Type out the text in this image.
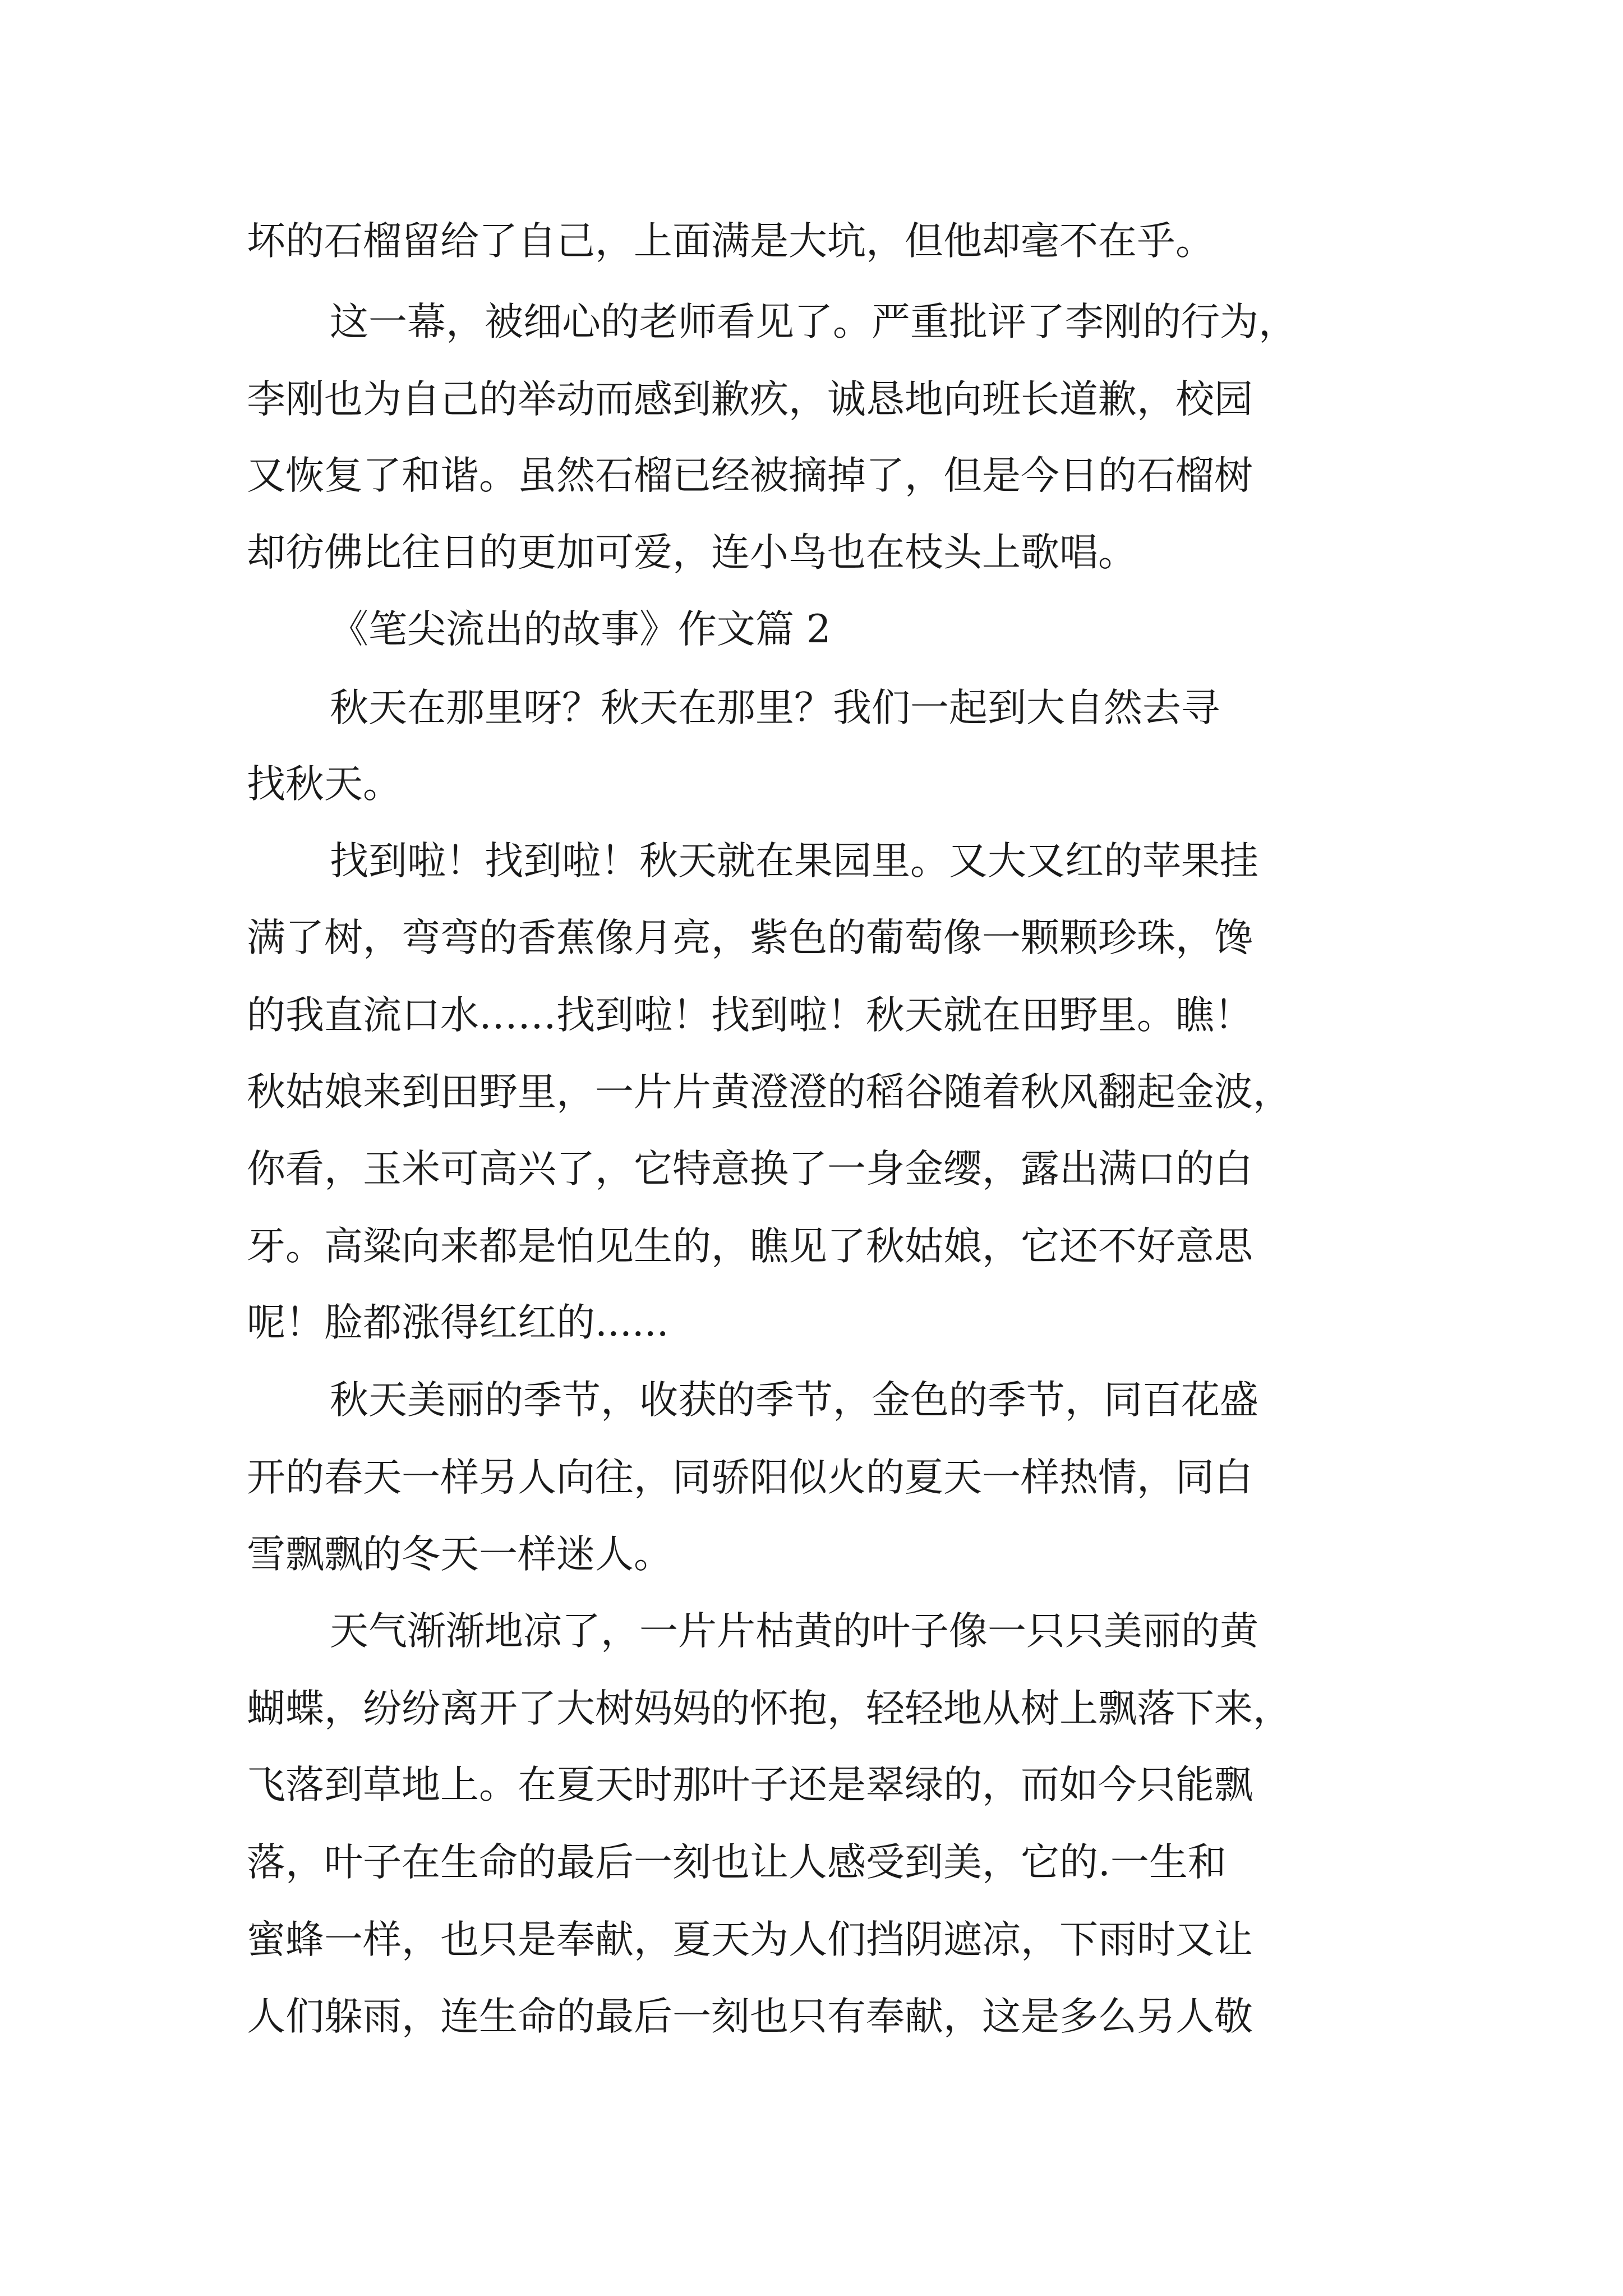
坏的石榴留给了自己，上面满是大坑，但他却毫不在乎。
这一幕，被细心的老师看见了。严重批评了李刚的行为，
李刚也为自己的举动而感到歉疚，诚恳地向班长道歉，校园
又恢复了和谐。虽然石榴已经被摘掉了，但是今日的石榴树
却彷佛比往日的更加可爱，连小鸟也在枝头上歌唱。
《笔尖流出的故事》作文篇 2
秋天在那里呀？秋天在那里？我们一起到大自然去寻
找秋天。
找到啦！找到啦！秋天就在果园里。又大又红的苹果挂
满了树，弯弯的香蕉像月亮，紫色的葡萄像一颗颗珍珠，馋
的我直流口水……找到啦！找到啦！秋天就在田野里。瞧！
秋姑娘来到田野里，一片片黄澄澄的稻谷随着秋风翻起金波，
你看，玉米可高兴了，它特意换了一身金缨，露出满口的白
牙。高粱向来都是怕见生的，瞧见了秋姑娘，它还不好意思
呢！脸都涨得红红的......
秋天美丽的季节，收获的季节，金色的季节，同百花盛
开的春天一样另人向往，同骄阳似火的夏天一样热情，同白
雪飘飘的冬天一样迷人。
天气渐渐地凉了，一片片枯黄的叶子像一只只美丽的黄
蝴蝶，纷纷离开了大树妈妈的怀抱，轻轻地从树上飘落下来，
飞落到草地上。在夏天时那叶子还是翠绿的，而如今只能飘
落，叶子在生命的最后一刻也让人感受到美，它的.一生和
蜜蜂一样，也只是奉献，夏天为人们挡阴遮凉，下雨时又让
人们躲雨，连生命的最后一刻也只有奉献，这是多么另人敬
